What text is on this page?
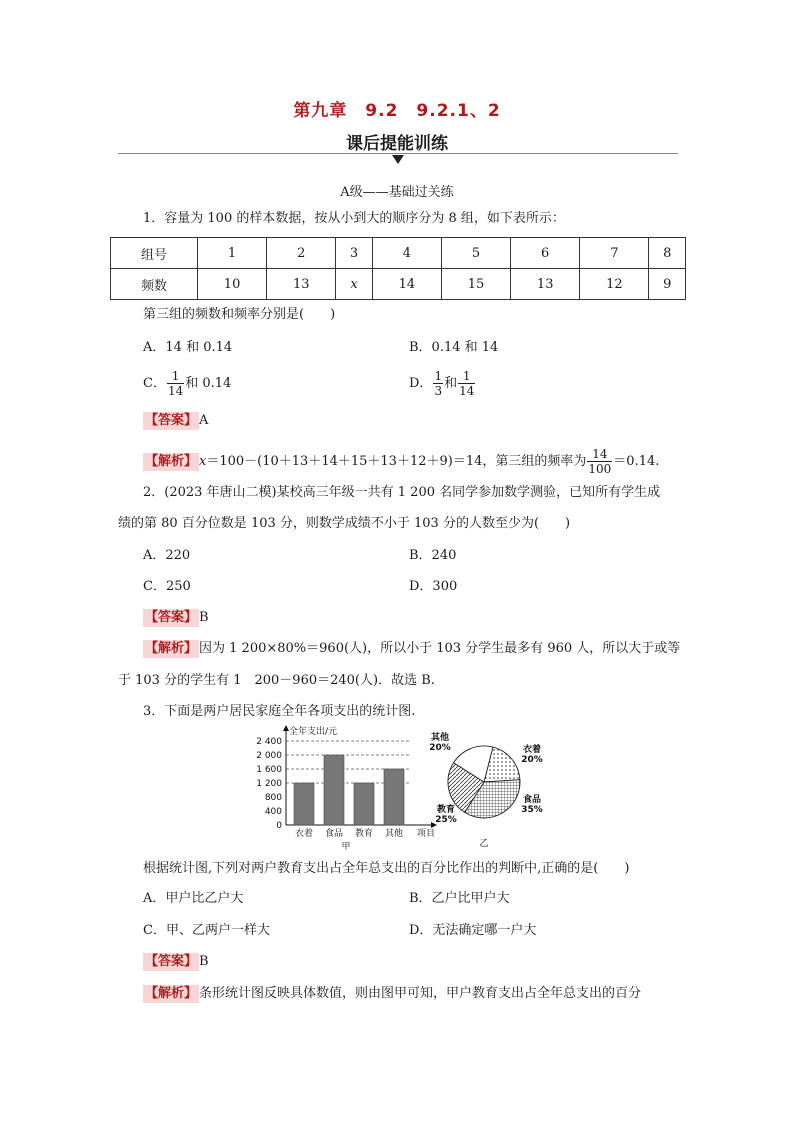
第九章　9.2　9.2.1、2
课后提能训练
A级——基础过关练
1．容量为 100 的样本数据，按从小到大的顺序分为 8 组，如下表所示：
组号	1	2	3	4	5	6	7	8
频数	10	13	x	14	15	13	12	9
第三组的频数和频率分别是(　　)
A．14 和 0.14	B．0.14 和 14
C． $\frac{1}{14}$ 和 0.14	D． $\frac{1}{3}$ 和 $\frac{1}{14}$
【答案】 A
【解析】 x＝100－(10＋13＋14＋15＋13＋12＋9)＝14，第三组的频率为 $\frac{14}{100} =0.14$.
2．(2023 年唐山二模)某校高三年级一共有 1 200 名同学参加数学测验，已知所有学生成
绩的第 80 百分位数是 103 分，则数学成绩不小于 103 分的人数至少为(　　)
A．220	B．240
C．250	D．300
【答案】 B
【解析】 因为 1 200×80%＝960(人)，所以小于 103 分学生最多有 960 人，所以大于或等
于 103 分的学生有 1　200－960＝240(人)．故选 B.
3．下面是两户居民家庭全年各项支出的统计图.
0
400
800
1 200
1 600
2 000
2 400
全年支出/元
衣着 食品 教育 其他 项目
甲
衣着
20%
食品
35%
教育
25%
其他
20%
乙
根据统计图,下列对两户教育支出占全年总支出的百分比作出的判断中,正确的是(　　)
A．甲户比乙户大	B．乙户比甲户大
C．甲、乙两户一样大	D．无法确定哪一户大
【答案】 B
【解析】 条形统计图反映具体数值，则由图甲可知，甲户教育支出占全年总支出的百分
